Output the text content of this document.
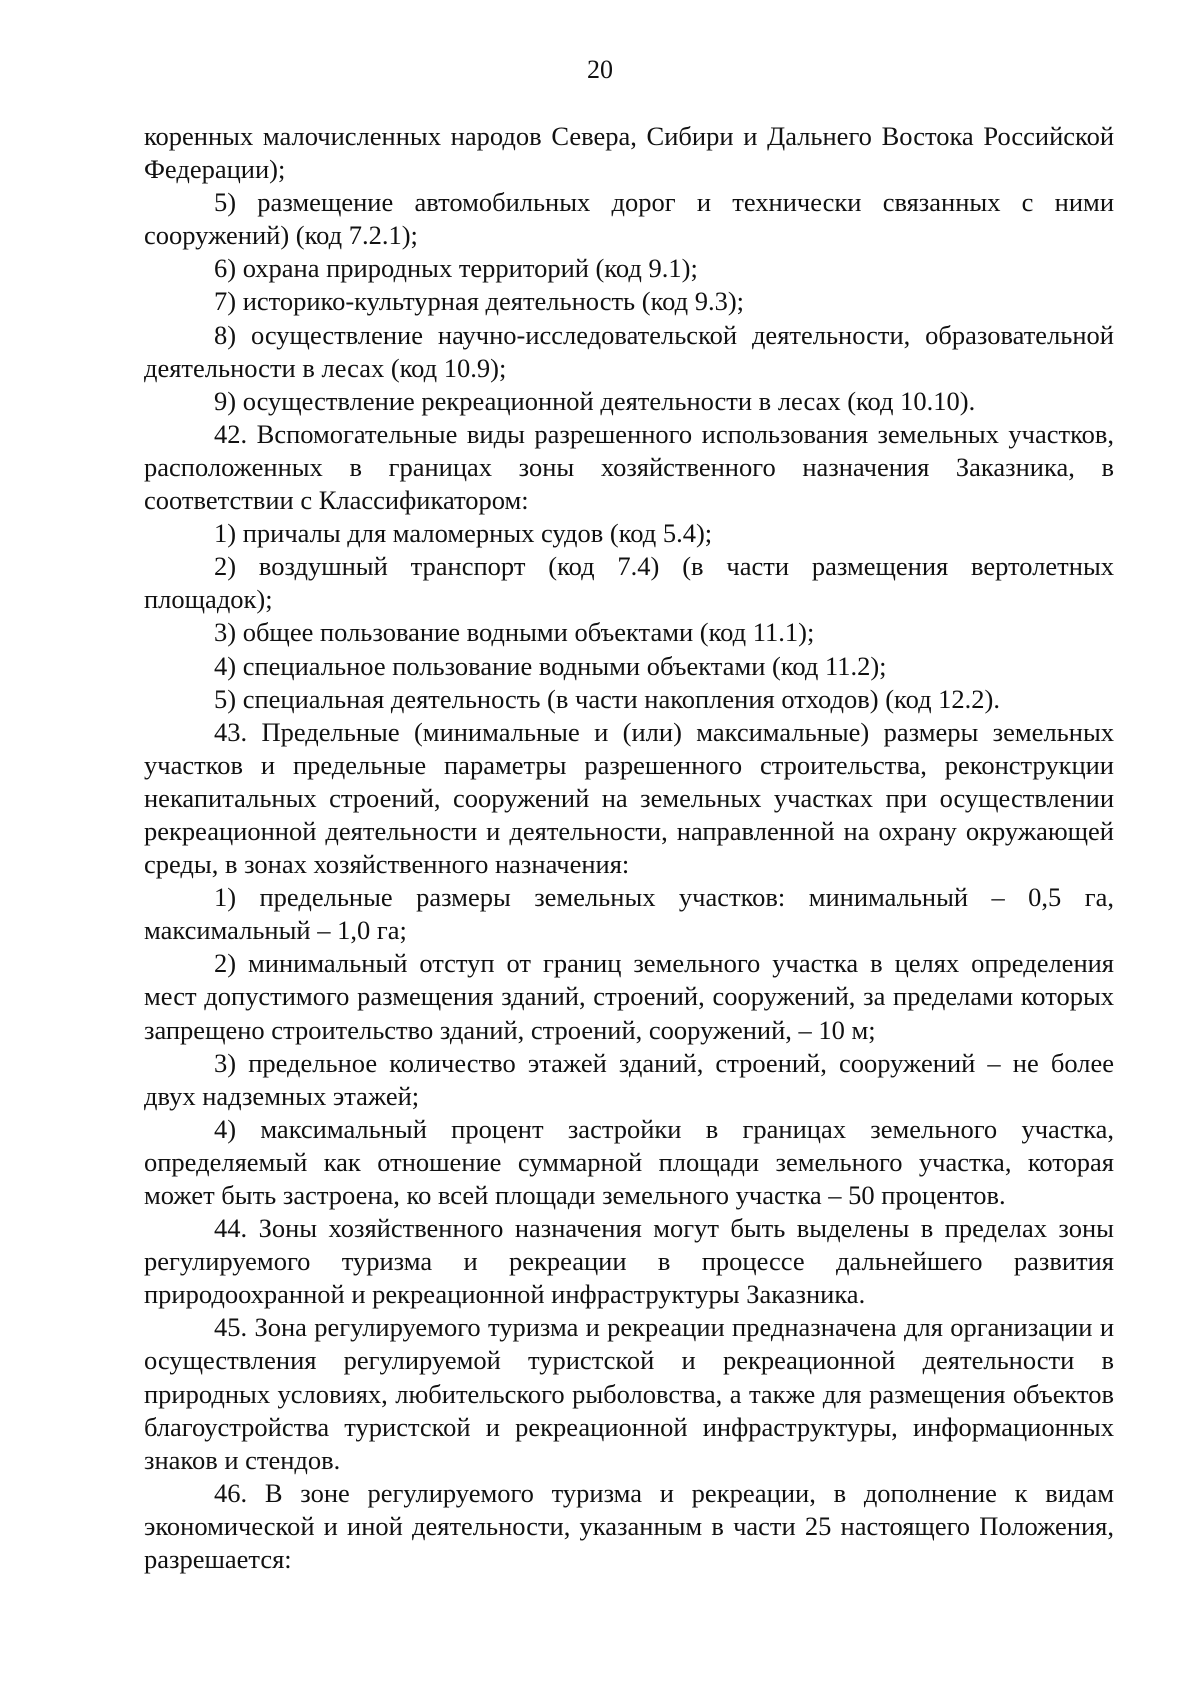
20

коренных малочисленных народов Севера, Сибири и Дальнего Востока Российской Федерации);

5) размещение автомобильных дорог и технически связанных с ними сооружений) (код 7.2.1);

6) охрана природных территорий (код 9.1);

7) историко-культурная деятельность (код 9.3);

8) осуществление научно-исследовательской деятельности, образовательной деятельности в лесах (код 10.9);

9) осуществление рекреационной деятельности в лесах (код 10.10).

42. Вспомогательные виды разрешенного использования земельных участков, расположенных в границах зоны хозяйственного назначения Заказника, в соответствии с Классификатором:

1) причалы для маломерных судов (код 5.4);

2) воздушный транспорт (код 7.4) (в части размещения вертолетных площадок);

3) общее пользование водными объектами (код 11.1);

4) специальное пользование водными объектами (код 11.2);

5) специальная деятельность (в части накопления отходов) (код 12.2).

43. Предельные (минимальные и (или) максимальные) размеры земельных участков и предельные параметры разрешенного строительства, реконструкции некапитальных строений, сооружений на земельных участках при осуществлении рекреационной деятельности и деятельности, направленной на охрану окружающей среды, в зонах хозяйственного назначения:

1) предельные размеры земельных участков: минимальный – 0,5 га, максимальный – 1,0 га;

2) минимальный отступ от границ земельного участка в целях определения мест допустимого размещения зданий, строений, сооружений, за пределами которых запрещено строительство зданий, строений, сооружений, – 10 м;

3) предельное количество этажей зданий, строений, сооружений – не более двух надземных этажей;

4) максимальный процент застройки в границах земельного участка, определяемый как отношение суммарной площади земельного участка, которая может быть застроена, ко всей площади земельного участка – 50 процентов.

44. Зоны хозяйственного назначения могут быть выделены в пределах зоны регулируемого туризма и рекреации в процессе дальнейшего развития природоохранной и рекреационной инфраструктуры Заказника.

45. Зона регулируемого туризма и рекреации предназначена для организации и осуществления регулируемой туристской и рекреационной деятельности в природных условиях, любительского рыболовства, а также для размещения объектов благоустройства туристской и рекреационной инфраструктуры, информационных знаков и стендов.

46. В зоне регулируемого туризма и рекреации, в дополнение к видам экономической и иной деятельности, указанным в части 25 настоящего Положения, разрешается:
